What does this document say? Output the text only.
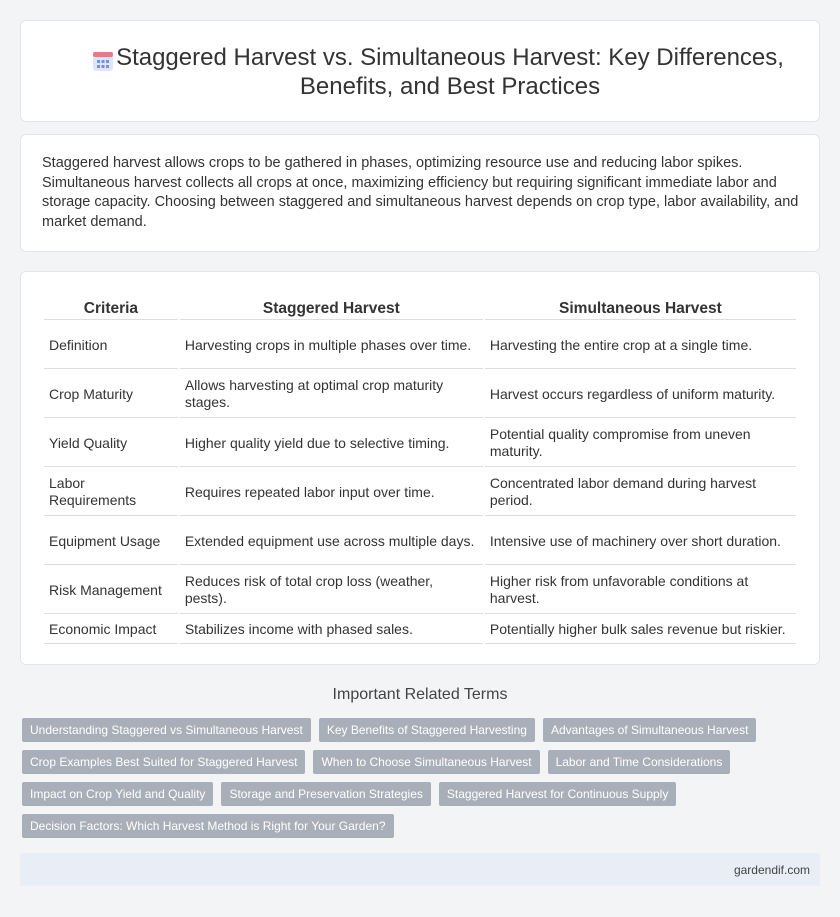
Staggered Harvest vs. Simultaneous Harvest: Key Differences, Benefits, and Best Practices

Staggered harvest allows crops to be gathered in phases, optimizing resource use and reducing labor spikes. Simultaneous harvest collects all crops at once, maximizing efficiency but requiring significant immediate labor and storage capacity. Choosing between staggered and simultaneous harvest depends on crop type, labor availability, and market demand.

Criteria	Staggered Harvest	Simultaneous Harvest
Definition	Harvesting crops in multiple phases over time.	Harvesting the entire crop at a single time.
Crop Maturity	Allows harvesting at optimal crop maturity stages.	Harvest occurs regardless of uniform maturity.
Yield Quality	Higher quality yield due to selective timing.	Potential quality compromise from uneven maturity.
Labor Requirements	Requires repeated labor input over time.	Concentrated labor demand during harvest period.
Equipment Usage	Extended equipment use across multiple days.	Intensive use of machinery over short duration.
Risk Management	Reduces risk of total crop loss (weather, pests).	Higher risk from unfavorable conditions at harvest.
Economic Impact	Stabilizes income with phased sales.	Potentially higher bulk sales revenue but riskier.
Important Related Terms
Understanding Staggered vs Simultaneous Harvest	Key Benefits of Staggered Harvesting	Advantages of Simultaneous Harvest
Crop Examples Best Suited for Staggered Harvest	When to Choose Simultaneous Harvest	Labor and Time Considerations
Impact on Crop Yield and Quality	Storage and Preservation Strategies	Staggered Harvest for Continuous Supply
Decision Factors: Which Harvest Method is Right for Your Garden?
gardendif.com
